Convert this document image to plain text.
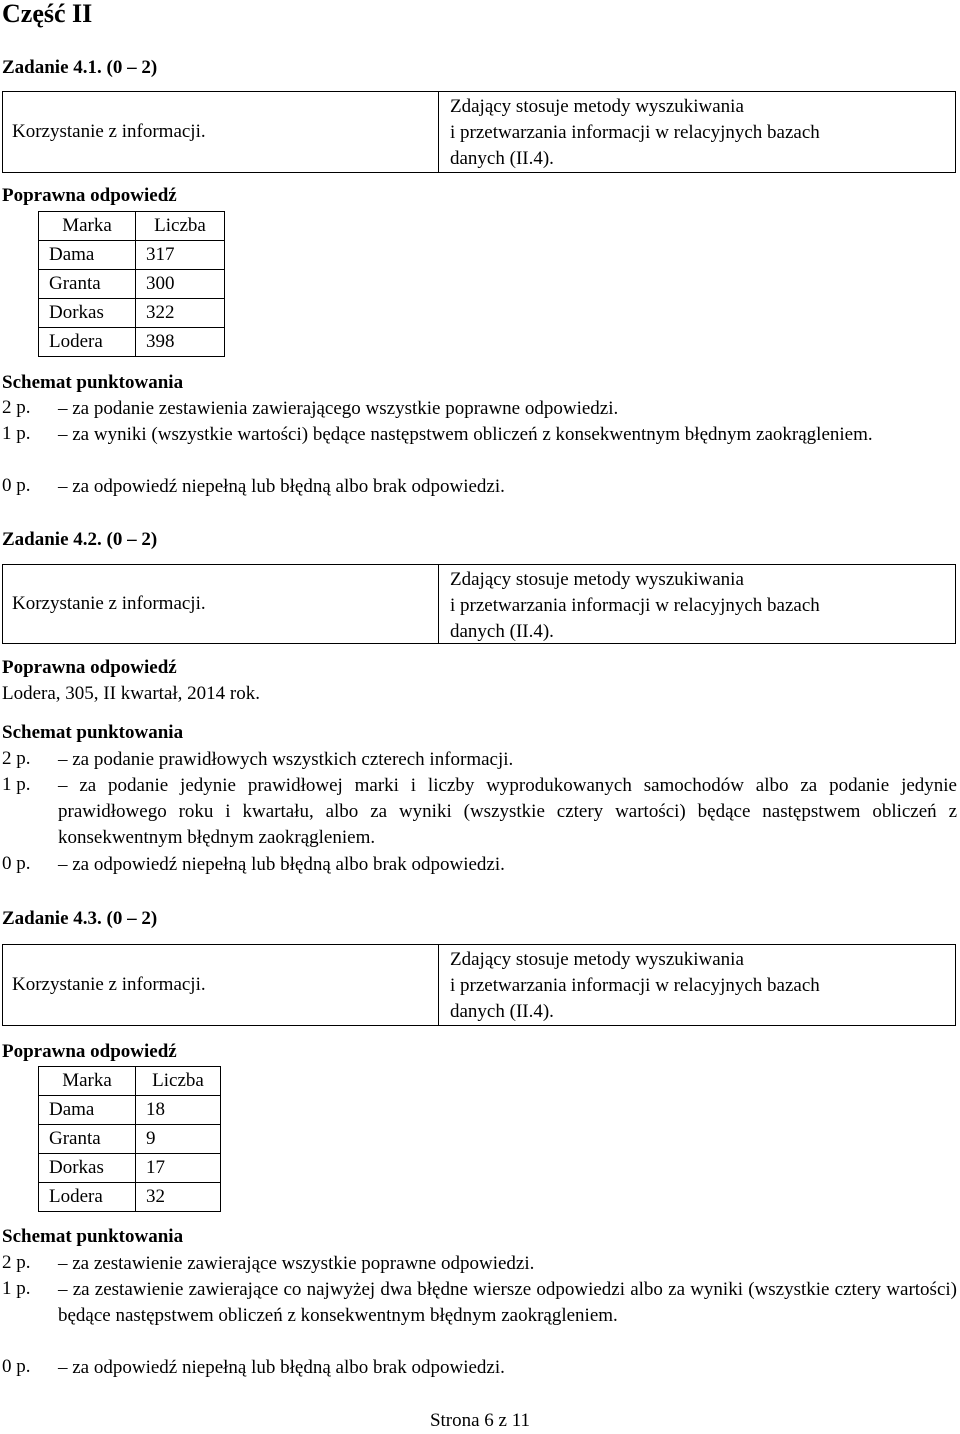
Część II
Zadanie 4.1. (0 – 2)
Korzystanie z informacji.
Zdający stosuje metody wyszukiwania
i przetwarzania informacji w relacyjnych bazach
danych (II.4).
Poprawna odpowiedź
Marka	Liczba
Dama	317
Granta	300
Dorkas	322
Lodera	398
Schemat punktowania
2 p. – za podanie zestawienia zawierającego wszystkie poprawne odpowiedzi.
1 p. – za wyniki (wszystkie wartości) będące następstwem obliczeń z konsekwentnym błędnym zaokrągleniem.
0 p. – za odpowiedź niepełną lub błędną albo brak odpowiedzi.
Zadanie 4.2. (0 – 2)
Korzystanie z informacji.
Zdający stosuje metody wyszukiwania
i przetwarzania informacji w relacyjnych bazach
danych (II.4).
Poprawna odpowiedź
Lodera, 305, II kwartał, 2014 rok.
Schemat punktowania
2 p. – za podanie prawidłowych wszystkich czterech informacji.
1 p. – za podanie jedynie prawidłowej marki i liczby wyprodukowanych samochodów albo za podanie jedynie prawidłowego roku i kwartału, albo za wyniki (wszystkie cztery wartości) będące następstwem obliczeń z konsekwentnym błędnym zaokrągleniem.
0 p. – za odpowiedź niepełną lub błędną albo brak odpowiedzi.
Zadanie 4.3. (0 – 2)
Korzystanie z informacji.
Zdający stosuje metody wyszukiwania
i przetwarzania informacji w relacyjnych bazach
danych (II.4).
Poprawna odpowiedź
Marka	Liczba
Dama	18
Granta	9
Dorkas	17
Lodera	32
Schemat punktowania
2 p. – za zestawienie zawierające wszystkie poprawne odpowiedzi.
1 p. – za zestawienie zawierające co najwyżej dwa błędne wiersze odpowiedzi albo za wyniki (wszystkie cztery wartości) będące następstwem obliczeń z konsekwentnym błędnym zaokrągleniem.
0 p. – za odpowiedź niepełną lub błędną albo brak odpowiedzi.
Strona 6 z 11
